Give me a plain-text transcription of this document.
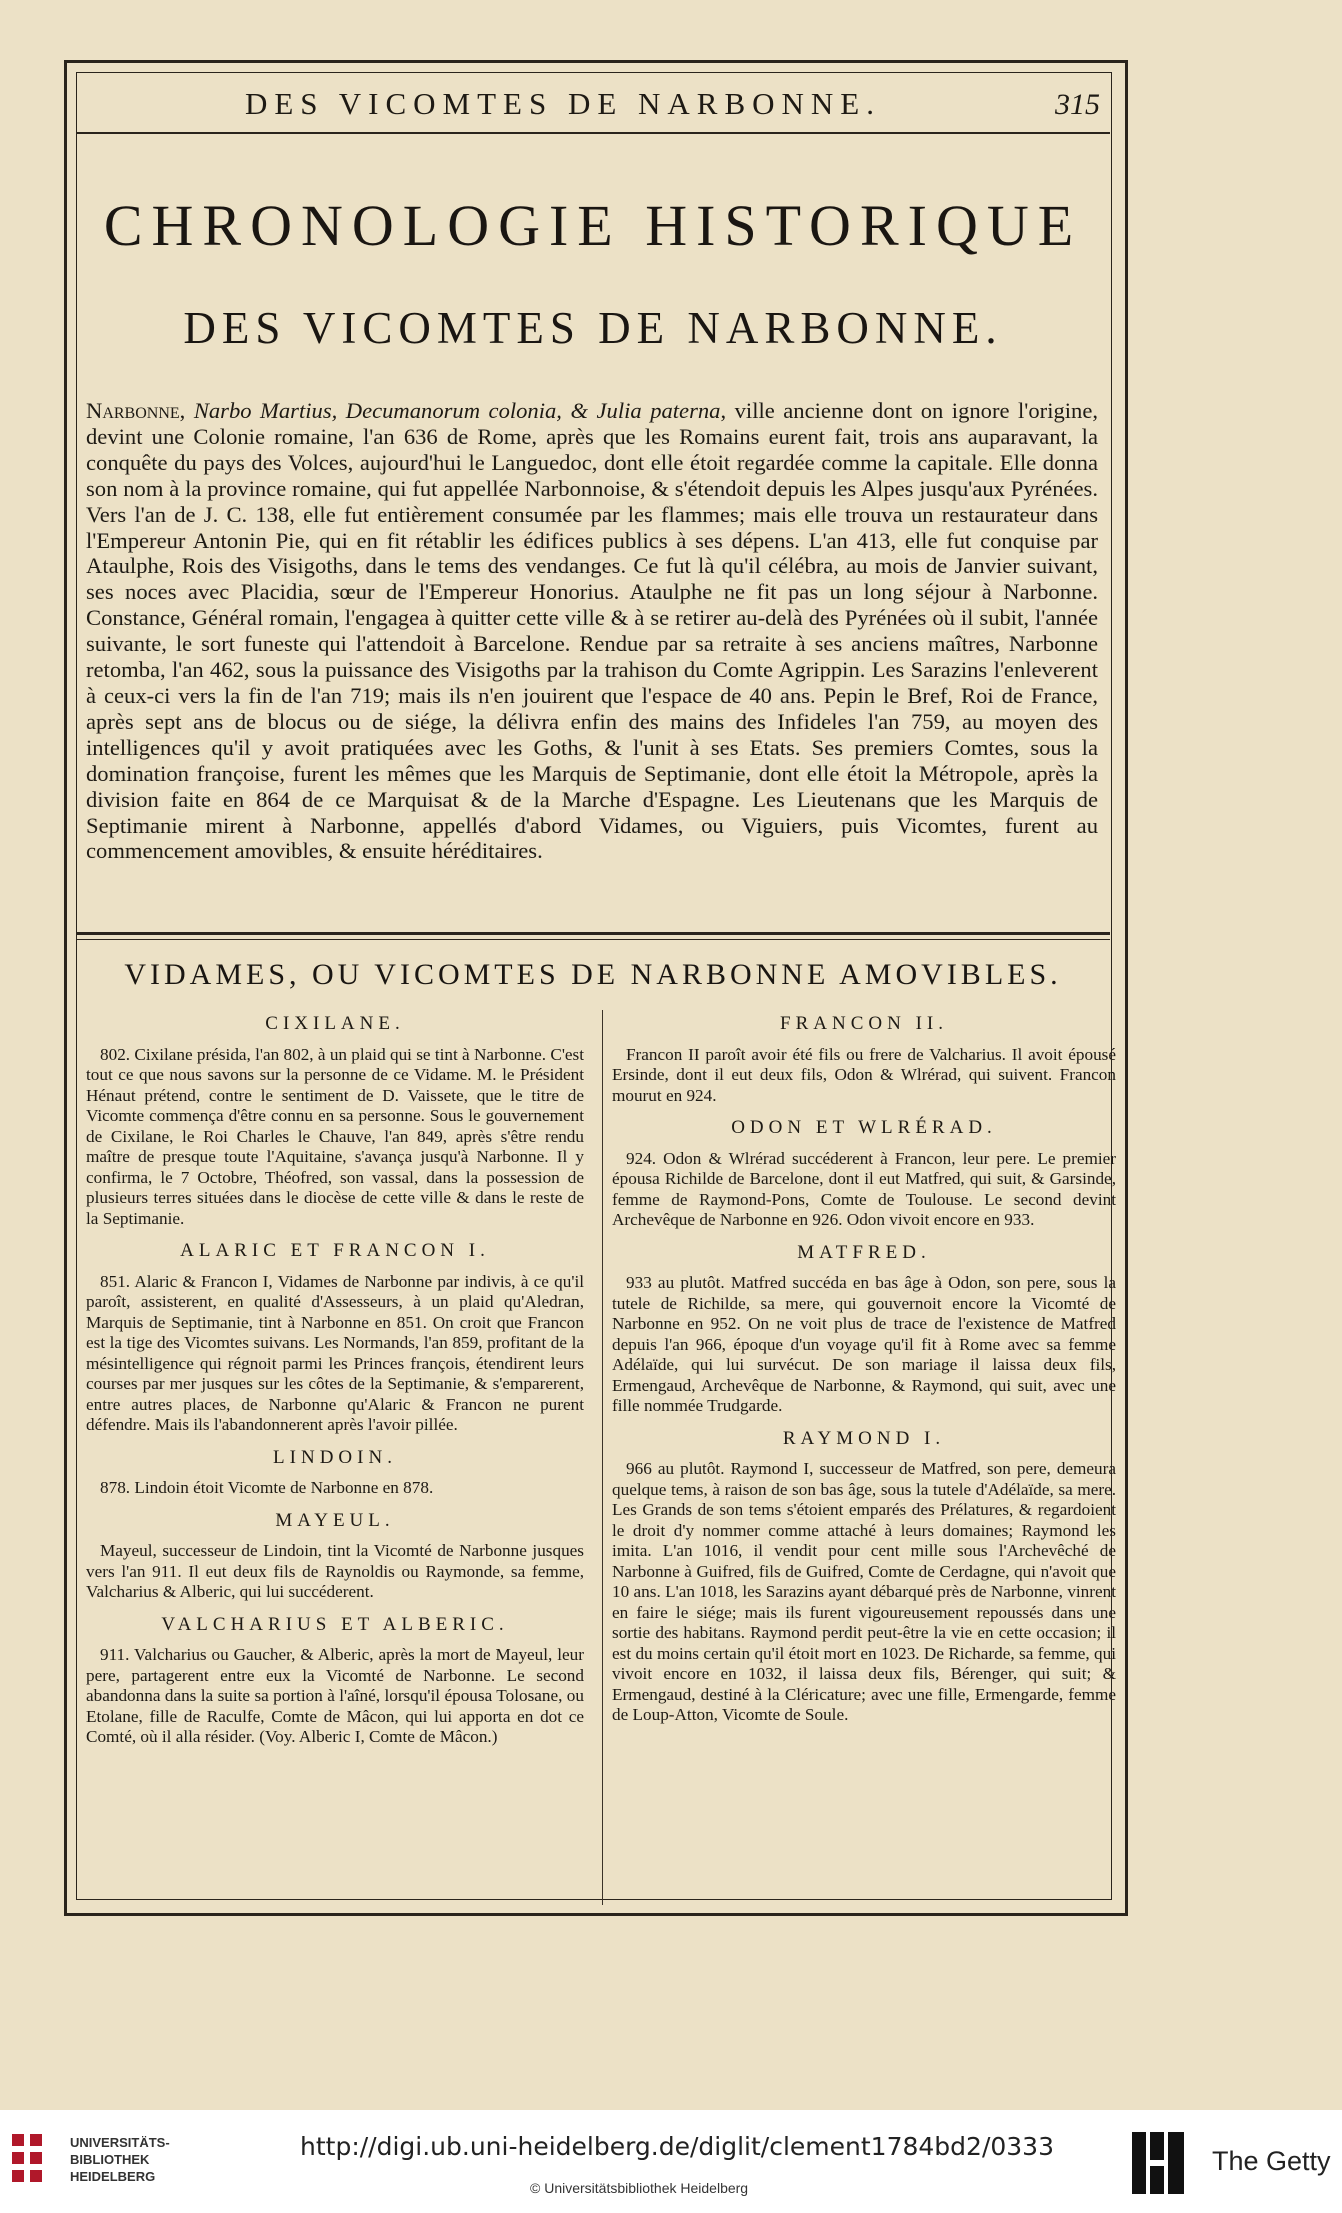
DES VICOMTES DE NARBONNE.	315
CHRONOLOGIE HISTORIQUE
DES VICOMTES DE NARBONNE.
Narbonne, Narbo Martius, Decumanorum colonia, & Julia paterna, ville ancienne dont on ignore l'origine, devint une Colonie romaine, l'an 636 de Rome, après que les Romains eurent fait, trois ans auparavant, la conquête du pays des Volces, aujourd'hui le Languedoc, dont elle étoit regardée comme la capitale. Elle donna son nom à la province romaine, qui fut appellée Narbonnoise, & s'étendoit depuis les Alpes jusqu'aux Pyrénées. Vers l'an de J. C. 138, elle fut entièrement consumée par les flammes; mais elle trouva un restaurateur dans l'Empereur Antonin Pie, qui en fit rétablir les édifices publics à ses dépens. L'an 413, elle fut conquise par Ataulphe, Rois des Visigoths, dans le tems des vendanges. Ce fut là qu'il célébra, au mois de Janvier suivant, ses noces avec Placidia, sœur de l'Empereur Honorius. Ataulphe ne fit pas un long séjour à Narbonne. Constance, Général romain, l'engagea à quitter cette ville & à se retirer au-delà des Pyrénées où il subit, l'année suivante, le sort funeste qui l'attendoit à Barcelone. Rendue par sa retraite à ses anciens maîtres, Narbonne retomba, l'an 462, sous la puissance des Visigoths par la trahison du Comte Agrippin. Les Sarazins l'enleverent à ceux-ci vers la fin de l'an 719; mais ils n'en jouirent que l'espace de 40 ans. Pepin le Bref, Roi de France, après sept ans de blocus ou de siége, la délivra enfin des mains des Infideles l'an 759, au moyen des intelligences qu'il y avoit pratiquées avec les Goths, & l'unit à ses Etats. Ses premiers Comtes, sous la domination françoise, furent les mêmes que les Marquis de Septimanie, dont elle étoit la Métropole, après la division faite en 864 de ce Marquisat & de la Marche d'Espagne. Les Lieutenans que les Marquis de Septimanie mirent à Narbonne, appellés d'abord Vidames, ou Viguiers, puis Vicomtes, furent au commencement amovibles, & ensuite héréditaires.
VIDAMES, OU VICOMTES DE NARBONNE AMOVIBLES.
CIXILANE.

802. Cixilane présida, l'an 802, à un plaid qui se tint à Narbonne. C'est tout ce que nous savons sur la personne de ce Vidame. M. le Président Hénaut prétend, contre le sentiment de D. Vaissete, que le titre de Vicomte commença d'être connu en sa personne. Sous le gouvernement de Cixilane, le Roi Charles le Chauve, l'an 849, après s'être rendu maître de presque toute l'Aquitaine, s'avança jusqu'à Narbonne. Il y confirma, le 7 Octobre, Théofred, son vassal, dans la possession de plusieurs terres situées dans le diocèse de cette ville & dans le reste de la Septimanie.

ALARIC ET FRANCON I.

851. Alaric & Francon I, Vidames de Narbonne par indivis, à ce qu'il paroît, assisterent, en qualité d'Assesseurs, à un plaid qu'Aledran, Marquis de Septimanie, tint à Narbonne en 851. On croit que Francon est la tige des Vicomtes suivans. Les Normands, l'an 859, profitant de la mésintelligence qui régnoit parmi les Princes françois, étendirent leurs courses par mer jusques sur les côtes de la Septimanie, & s'emparerent, entre autres places, de Narbonne qu'Alaric & Francon ne purent défendre. Mais ils l'abandonnerent après l'avoir pillée.

LINDOIN.

878. Lindoin étoit Vicomte de Narbonne en 878.

MAYEUL.

Mayeul, successeur de Lindoin, tint la Vicomté de Narbonne jusques vers l'an 911. Il eut deux fils de Raynoldis ou Raymonde, sa femme, Valcharius & Alberic, qui lui succéderent.

VALCHARIUS ET ALBERIC.

911. Valcharius ou Gaucher, & Alberic, après la mort de Mayeul, leur pere, partagerent entre eux la Vicomté de Narbonne. Le second abandonna dans la suite sa portion à l'aîné, lorsqu'il épousa Tolosane, ou Etolane, fille de Raculfe, Comte de Mâcon, qui lui apporta en dot ce Comté, où il alla résider. (Voy. Alberic I, Comte de Mâcon.)

FRANCON II.

Francon II paroît avoir été fils ou frere de Valcharius. Il avoit épousé Ersinde, dont il eut deux fils, Odon & Wlrérad, qui suivent. Francon mourut en 924.

ODON ET WLRÉRAD.

924. Odon & Wlrérad succéderent à Francon, leur pere. Le premier épousa Richilde de Barcelone, dont il eut Matfred, qui suit, & Garsinde, femme de Raymond-Pons, Comte de Toulouse. Le second devint Archevêque de Narbonne en 926. Odon vivoit encore en 933.

MATFRED.

933 au plutôt. Matfred succéda en bas âge à Odon, son pere, sous la tutele de Richilde, sa mere, qui gouvernoit encore la Vicomté de Narbonne en 952. On ne voit plus de trace de l'existence de Matfred depuis l'an 966, époque d'un voyage qu'il fit à Rome avec sa femme Adélaïde, qui lui survécut. De son mariage il laissa deux fils, Ermengaud, Archevêque de Narbonne, & Raymond, qui suit, avec une fille nommée Trudgarde.

RAYMOND I.

966 au plutôt. Raymond I, successeur de Matfred, son pere, demeura quelque tems, à raison de son bas âge, sous la tutele d'Adélaïde, sa mere. Les Grands de son tems s'étoient emparés des Prélatures, & regardoient le droit d'y nommer comme attaché à leurs domaines; Raymond les imita. L'an 1016, il vendit pour cent mille sous l'Archevêché de Narbonne à Guifred, fils de Guifred, Comte de Cerdagne, qui n'avoit que 10 ans. L'an 1018, les Sarazins ayant débarqué près de Narbonne, vinrent en faire le siége; mais ils furent vigoureusement repoussés dans une sortie des habitans. Raymond perdit peut-être la vie en cette occasion; il est du moins certain qu'il étoit mort en 1023. De Richarde, sa femme, qui vivoit encore en 1032, il laissa deux fils, Bérenger, qui suit; & Ermengaud, destiné à la Cléricature; avec une fille, Ermengarde, femme de Loup-Atton, Vicomte de Soule.

UNIVERSITÄTS-
BIBLIOTHEK
HEIDELBERG
http://digi.ub.uni-heidelberg.de/diglit/clement1784bd2/0333
© Universitätsbibliothek Heidelberg
The Getty
